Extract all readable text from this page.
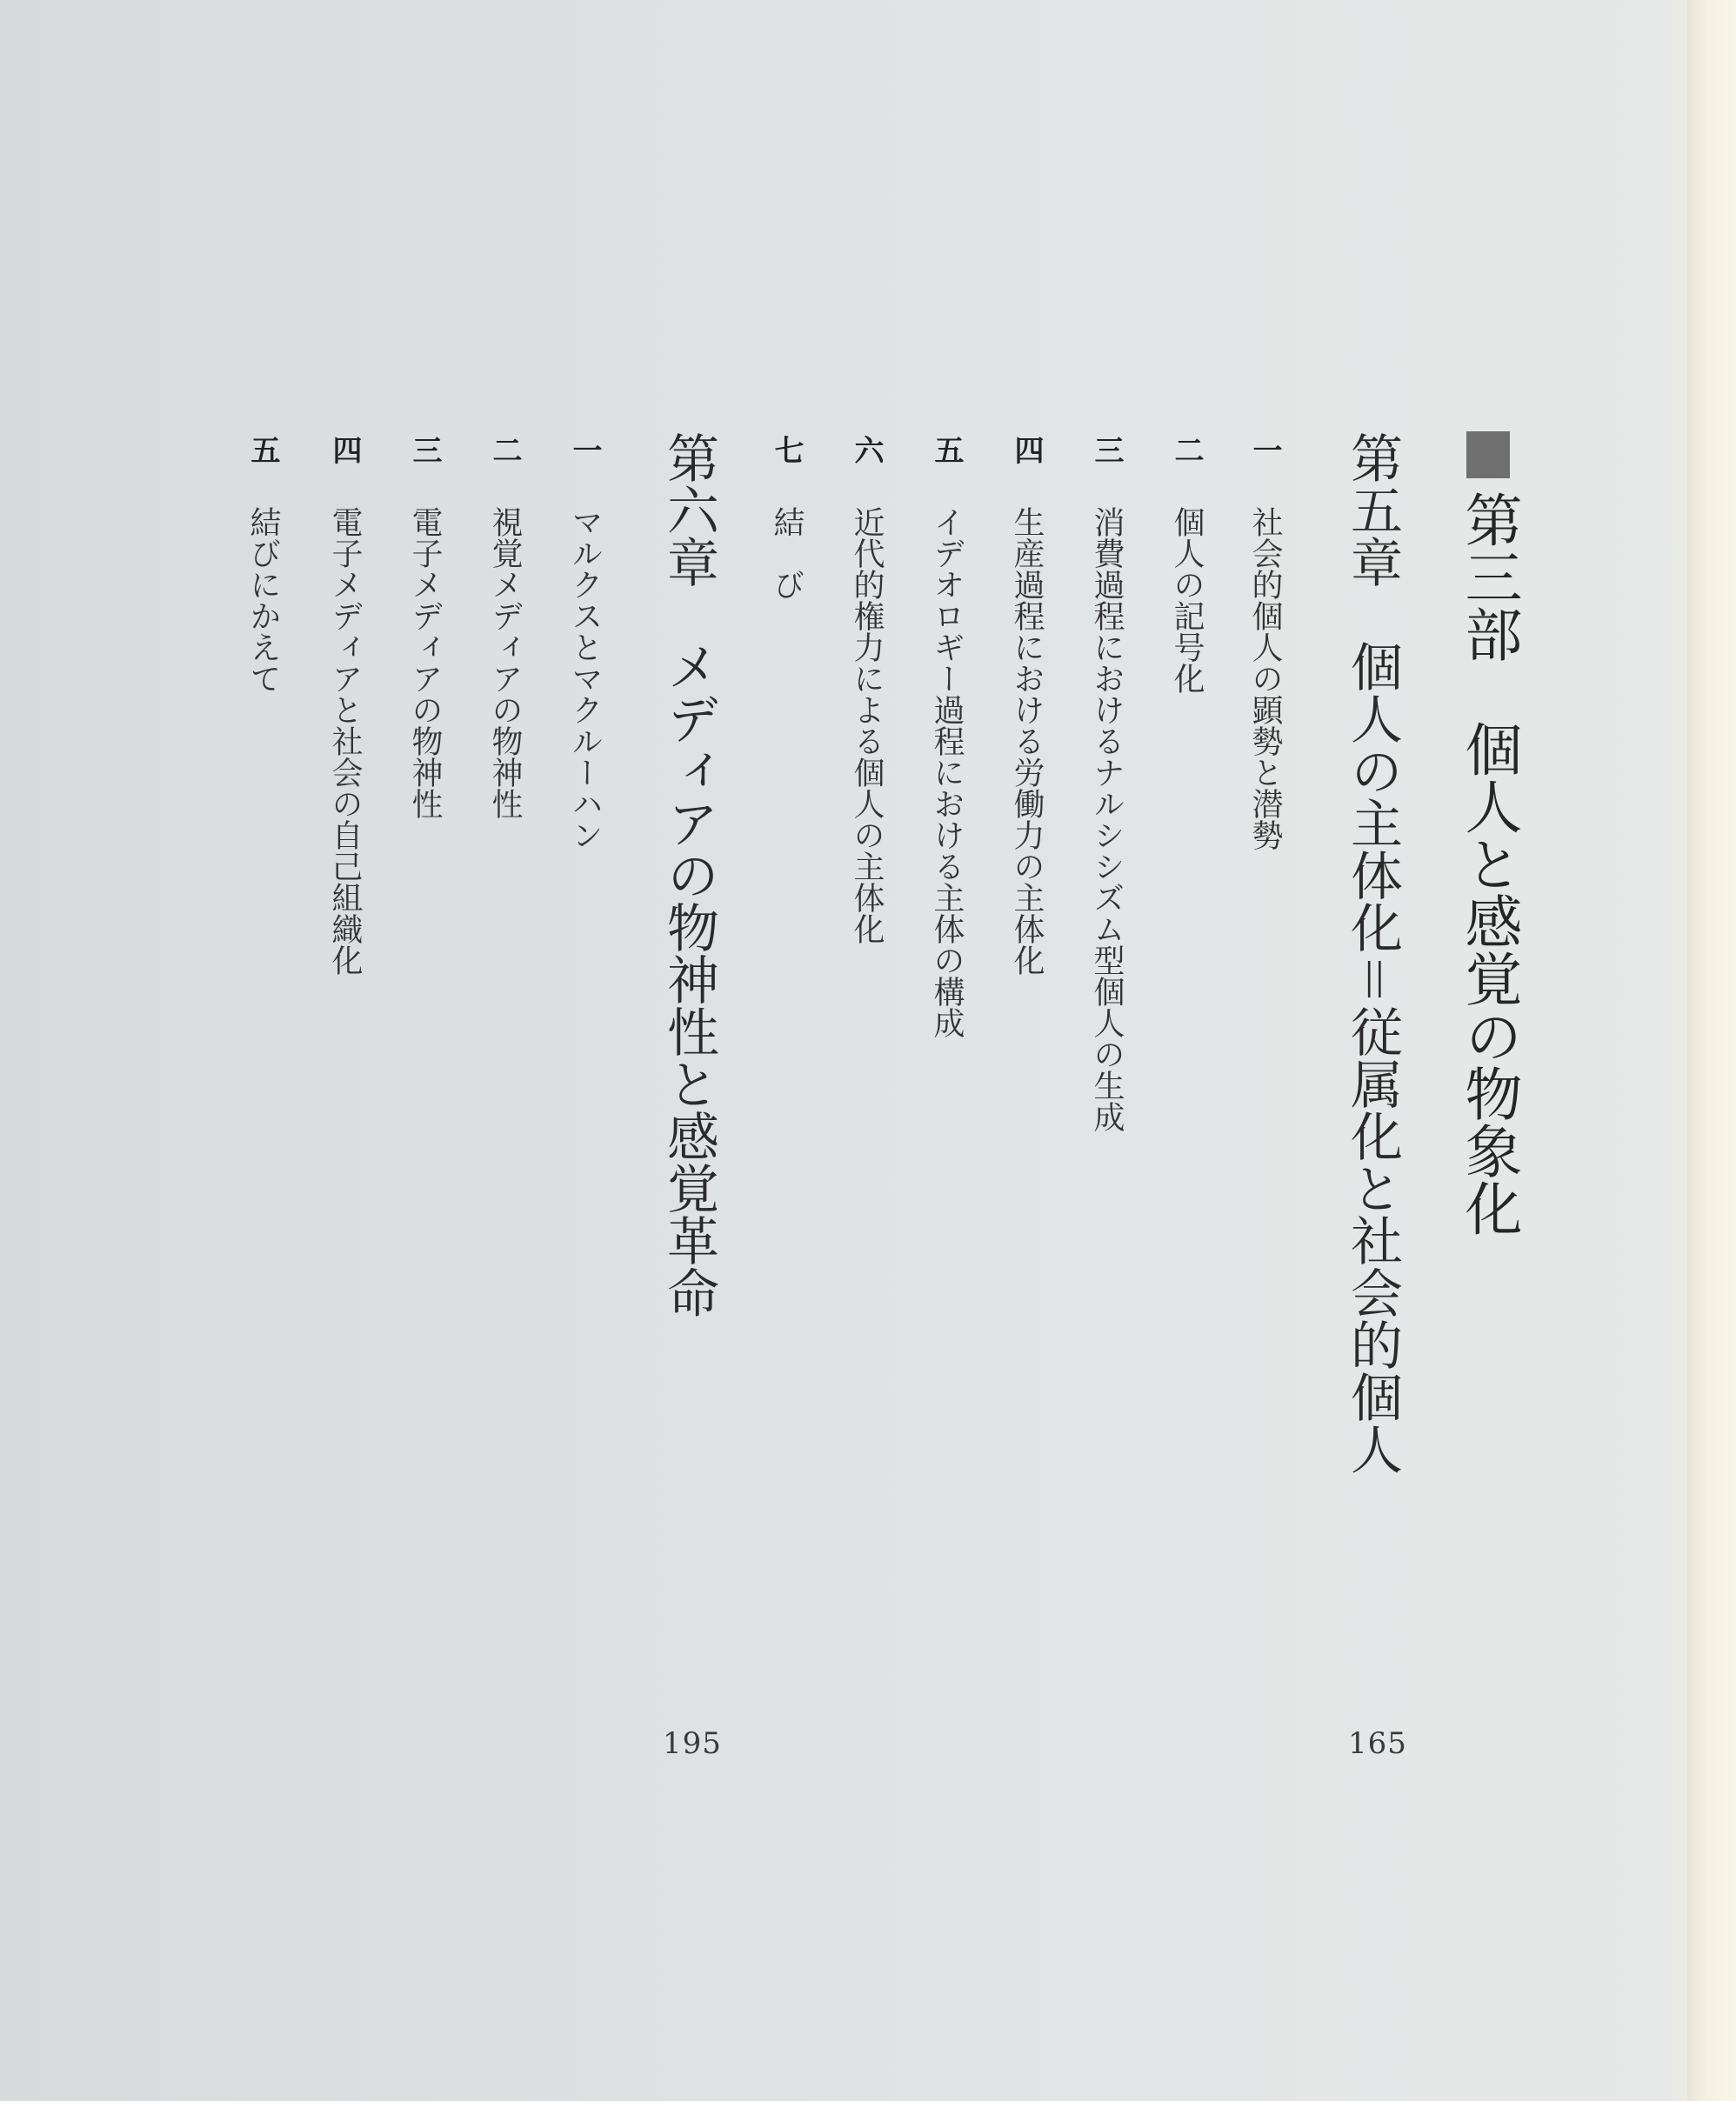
第三部　個人と感覚の物象化
第五章　個人の主体化＝従属化と社会的個人
165
一社会的個人の顕勢と潜勢
二個人の記号化
三消費過程におけるナルシシズム型個人の生成
四生産過程における労働力の主体化
五イデオロギー過程における主体の構成
六近代的権力による個人の主体化
七結　び
第六章　メディアの物神性と感覚革命
195
一マルクスとマクルーハン
二視覚メディアの物神性
三電子メディアの物神性
四電子メディアと社会の自己組織化
五結びにかえて
